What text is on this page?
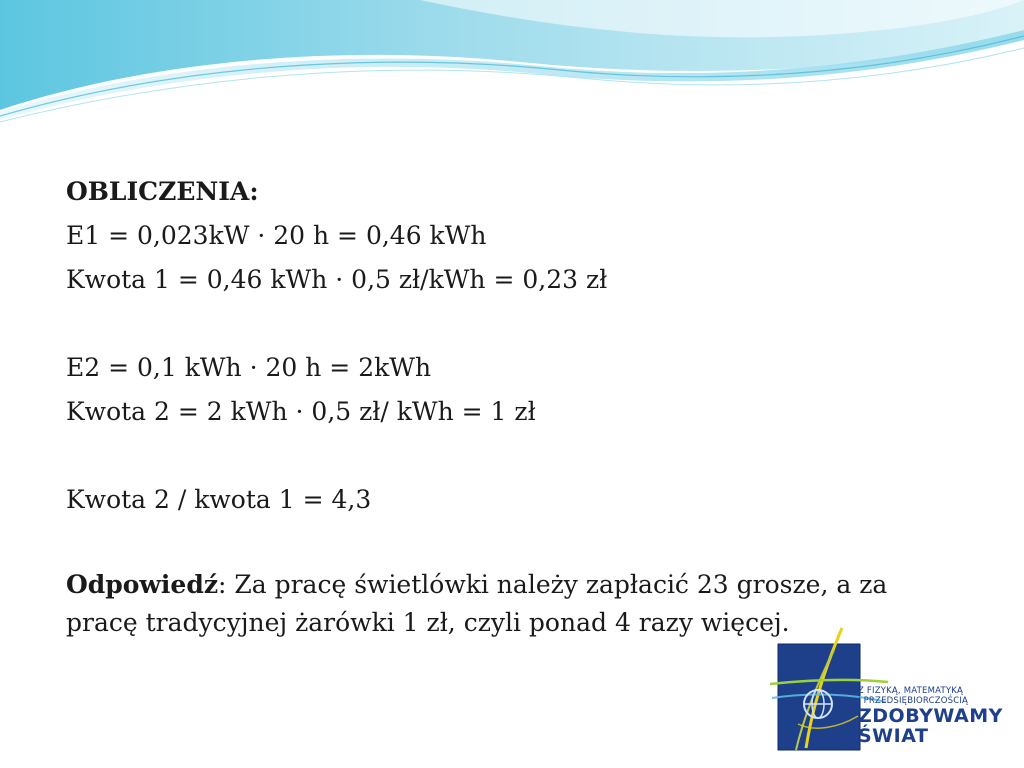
OBLICZENIA:
E1 = 0,023kW · 20 h = 0,46 kWh
Kwota 1 = 0,46 kWh · 0,5 zł/kWh = 0,23 zł
E2 = 0,1 kWh · 20 h = 2kWh
Kwota 2 = 2 kWh · 0,5 zł/ kWh = 1 zł
Kwota 2 / kwota 1 = 4,3
Odpowiedź: Za pracę świetlówki należy zapłacić 23 grosze, a za pracę tradycyjnej żarówki 1 zł, czyli ponad 4 razy więcej.
Z FIZYKĄ, MATEMATYKĄ
I PRZEDSIĘBIORCZOŚCIĄ
ZDOBYWAMY
ŚWIAT
